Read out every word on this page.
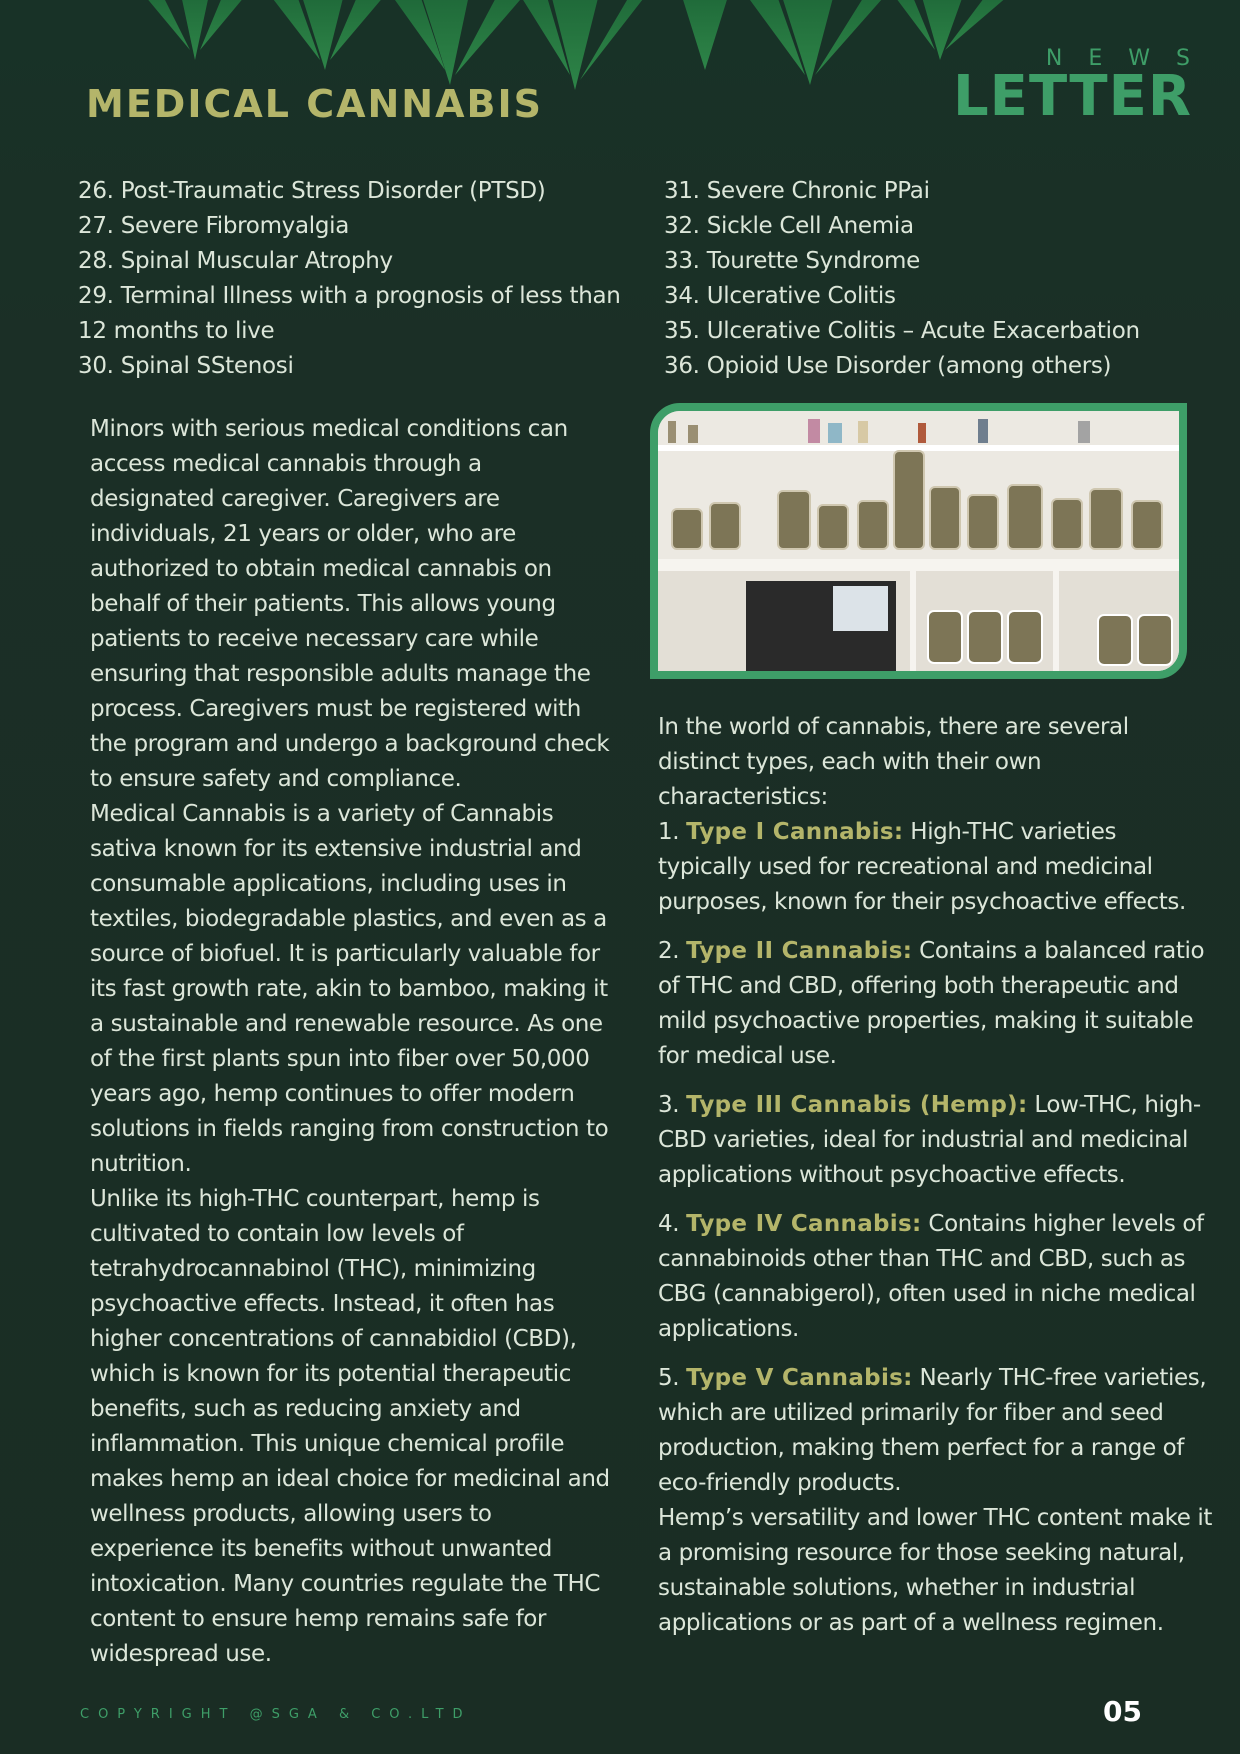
MEDICAL CANNABIS
NEWS
LETTER
26. Post-Traumatic Stress Disorder (PTSD)
27. Severe Fibromyalgia
28. Spinal Muscular Atrophy
29. Terminal Illness with a prognosis of less than
12 months to live
30. Spinal SStenosi
31. Severe Chronic PPai
32. Sickle Cell Anemia
33. Tourette Syndrome
34. Ulcerative Colitis
35. Ulcerative Colitis – Acute Exacerbation
36. Opioid Use Disorder (among others)

Minors with serious medical conditions can access medical cannabis through a designated caregiver. Caregivers are individuals, 21 years or older, who are authorized to obtain medical cannabis on behalf of their patients. This allows young patients to receive necessary care while ensuring that responsible adults manage the process. Caregivers must be registered with the program and undergo a background check to ensure safety and compliance.

Medical Cannabis is a variety of Cannabis sativa known for its extensive industrial and consumable applications, including uses in textiles, biodegradable plastics, and even as a source of biofuel. It is particularly valuable for its fast growth rate, akin to bamboo, making it a sustainable and renewable resource. As one of the first plants spun into fiber over 50,000 years ago, hemp continues to offer modern solutions in fields ranging from construction to nutrition.

Unlike its high-THC counterpart, hemp is cultivated to contain low levels of tetrahydrocannabinol (THC), minimizing psychoactive effects. Instead, it often has higher concentrations of cannabidiol (CBD), which is known for its potential therapeutic benefits, such as reducing anxiety and inflammation. This unique chemical profile makes hemp an ideal choice for medicinal and wellness products, allowing users to experience its benefits without unwanted intoxication. Many countries regulate the THC content to ensure hemp remains safe for widespread use.

In the world of cannabis, there are several distinct types, each with their own characteristics:

1. Type I Cannabis: High-THC varieties typically used for recreational and medicinal purposes, known for their psychoactive effects.

2. Type II Cannabis: Contains a balanced ratio of THC and CBD, offering both therapeutic and mild psychoactive properties, making it suitable for medical use.

3. Type III Cannabis (Hemp): Low-THC, high-CBD varieties, ideal for industrial and medicinal applications without psychoactive effects.

4. Type IV Cannabis: Contains higher levels of cannabinoids other than THC and CBD, such as CBG (cannabigerol), often used in niche medical applications.

5. Type V Cannabis: Nearly THC-free varieties, which are utilized primarily for fiber and seed production, making them perfect for a range of eco-friendly products.

Hemp’s versatility and lower THC content make it a promising resource for those seeking natural, sustainable solutions, whether in industrial applications or as part of a wellness regimen.

COPYRIGHT @SGA & CO.LTD	05
